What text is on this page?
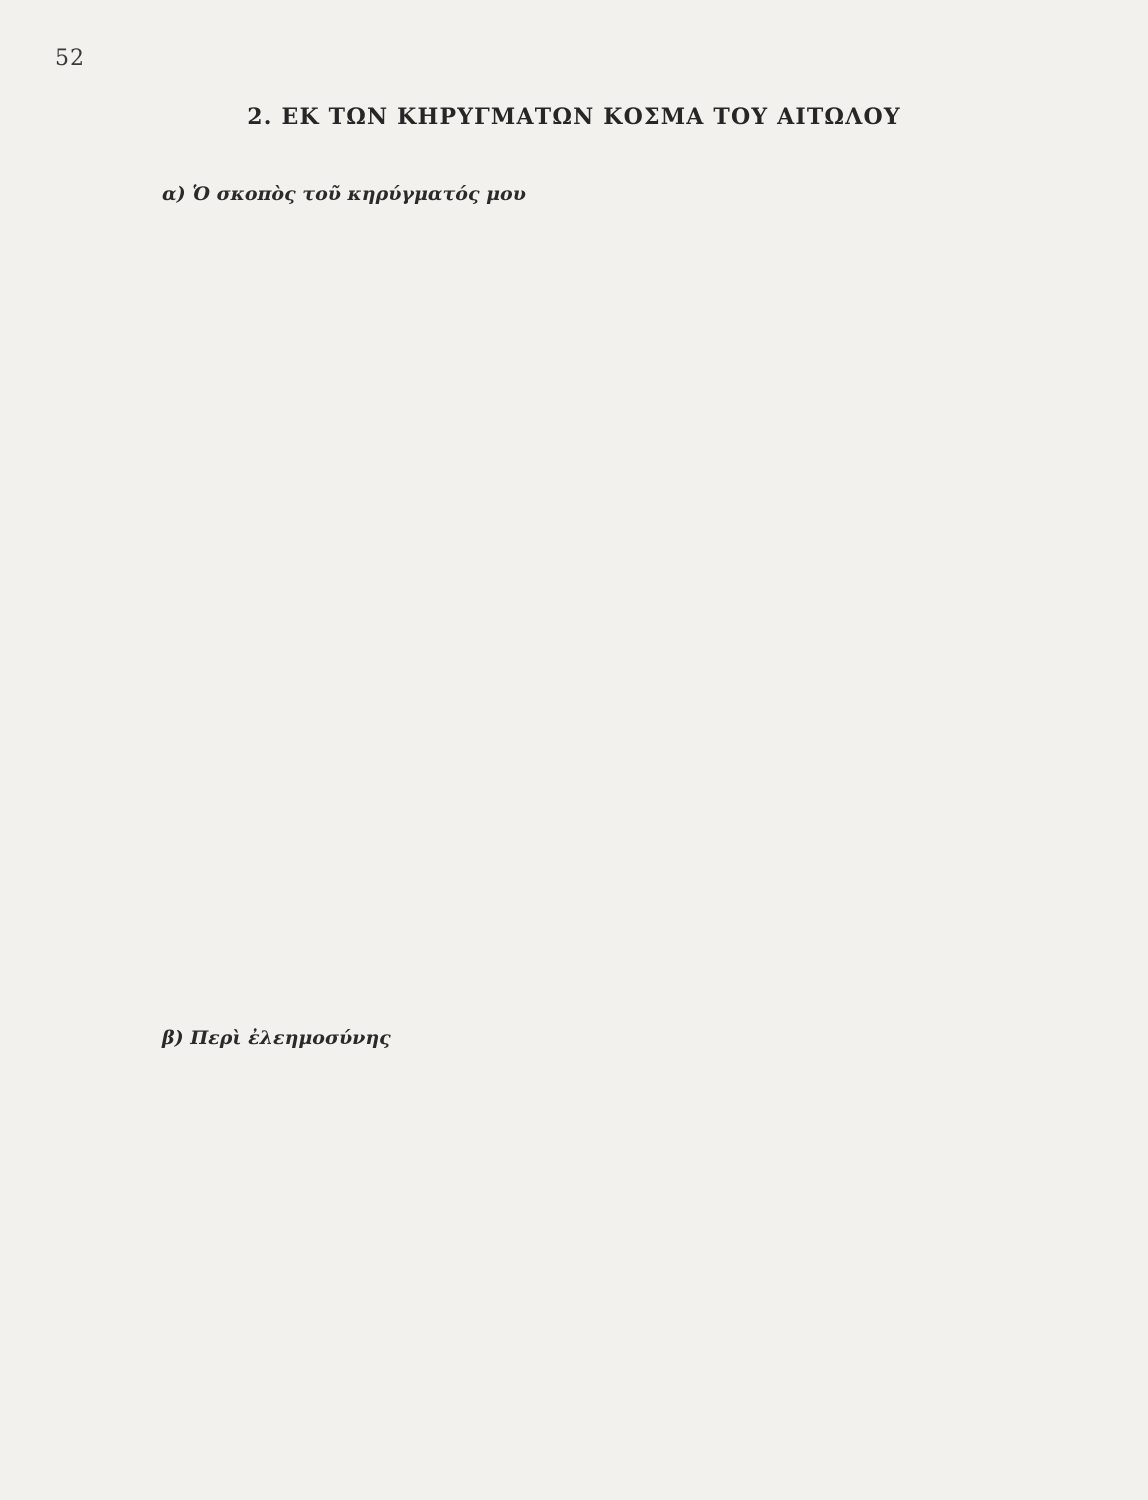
52
2. ΕΚ ΤΩΝ ΚΗΡΥΓΜΑΤΩΝ ΚΟΣΜΑ ΤΟΥ ΑΙΤΩΛΟΥ
α) Ὁ σκοπὸς τοῦ κηρύγματός μου
β) Περὶ ἐλεημοσύνης
